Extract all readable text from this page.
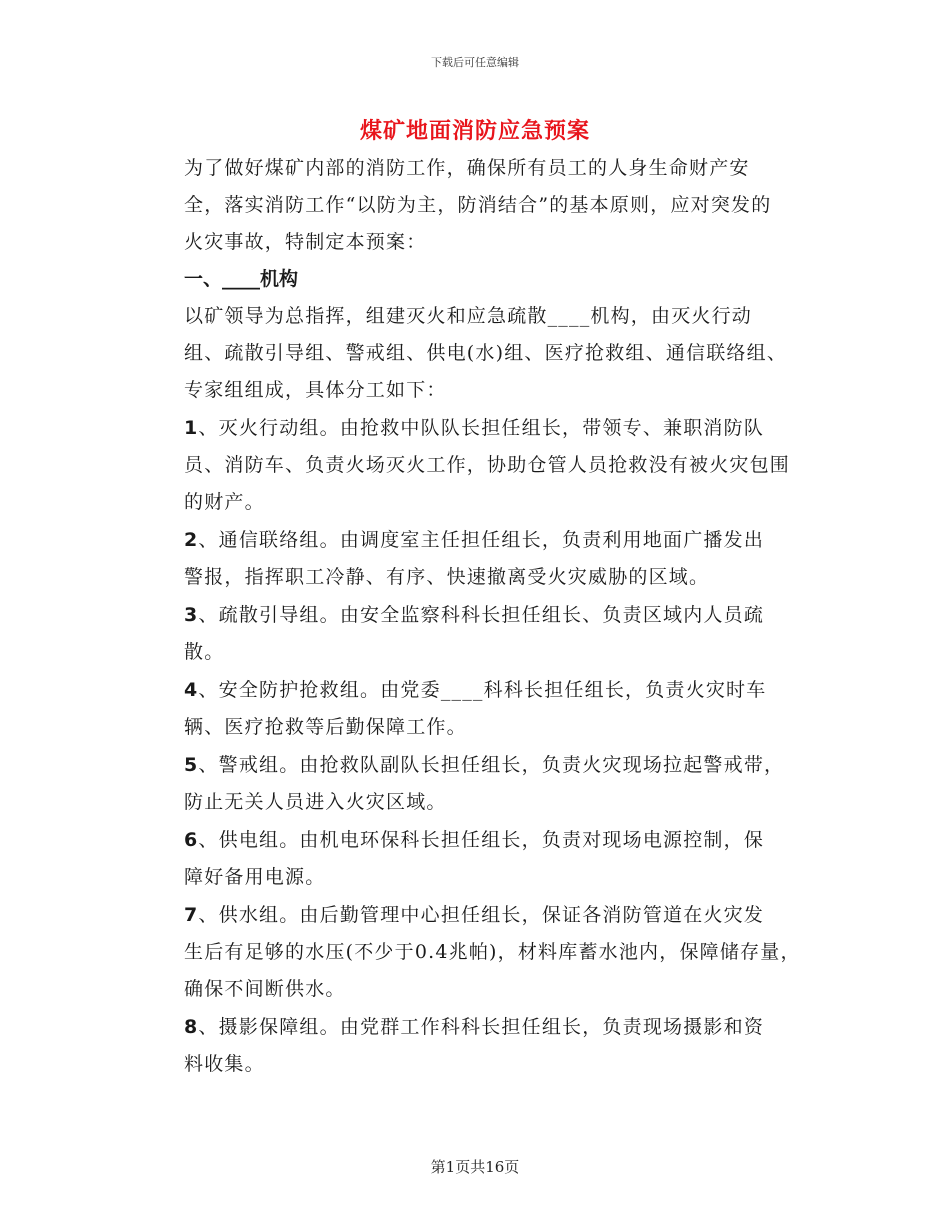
下载后可任意编辑
煤矿地面消防应急预案

为了做好煤矿内部的消防工作，确保所有员工的人身生命财产安
全，落实消防工作“以防为主，防消结合”的基本原则，应对突发的
火灾事故，特制定本预案：

一、____机构

以矿领导为总指挥，组建灭火和应急疏散____机构，由灭火行动
组、疏散引导组、警戒组、供电(水)组、医疗抢救组、通信联络组、
专家组组成，具体分工如下：

1、灭火行动组。由抢救中队队长担任组长，带领专、兼职消防队
员、消防车、负责火场灭火工作，协助仓管人员抢救没有被火灾包围
的财产。

2、通信联络组。由调度室主任担任组长，负责利用地面广播发出
警报，指挥职工冷静、有序、快速撤离受火灾威胁的区域。

3、疏散引导组。由安全监察科科长担任组长、负责区域内人员疏
散。

4、安全防护抢救组。由党委____科科长担任组长，负责火灾时车
辆、医疗抢救等后勤保障工作。

5、警戒组。由抢救队副队长担任组长，负责火灾现场拉起警戒带，
防止无关人员进入火灾区域。

6、供电组。由机电环保科长担任组长，负责对现场电源控制，保
障好备用电源。

7、供水组。由后勤管理中心担任组长，保证各消防管道在火灾发
生后有足够的水压(不少于0.4兆帕)，材料库蓄水池内，保障储存量，
确保不间断供水。

8、摄影保障组。由党群工作科科长担任组长，负责现场摄影和资
料收集。

第1页共16页
